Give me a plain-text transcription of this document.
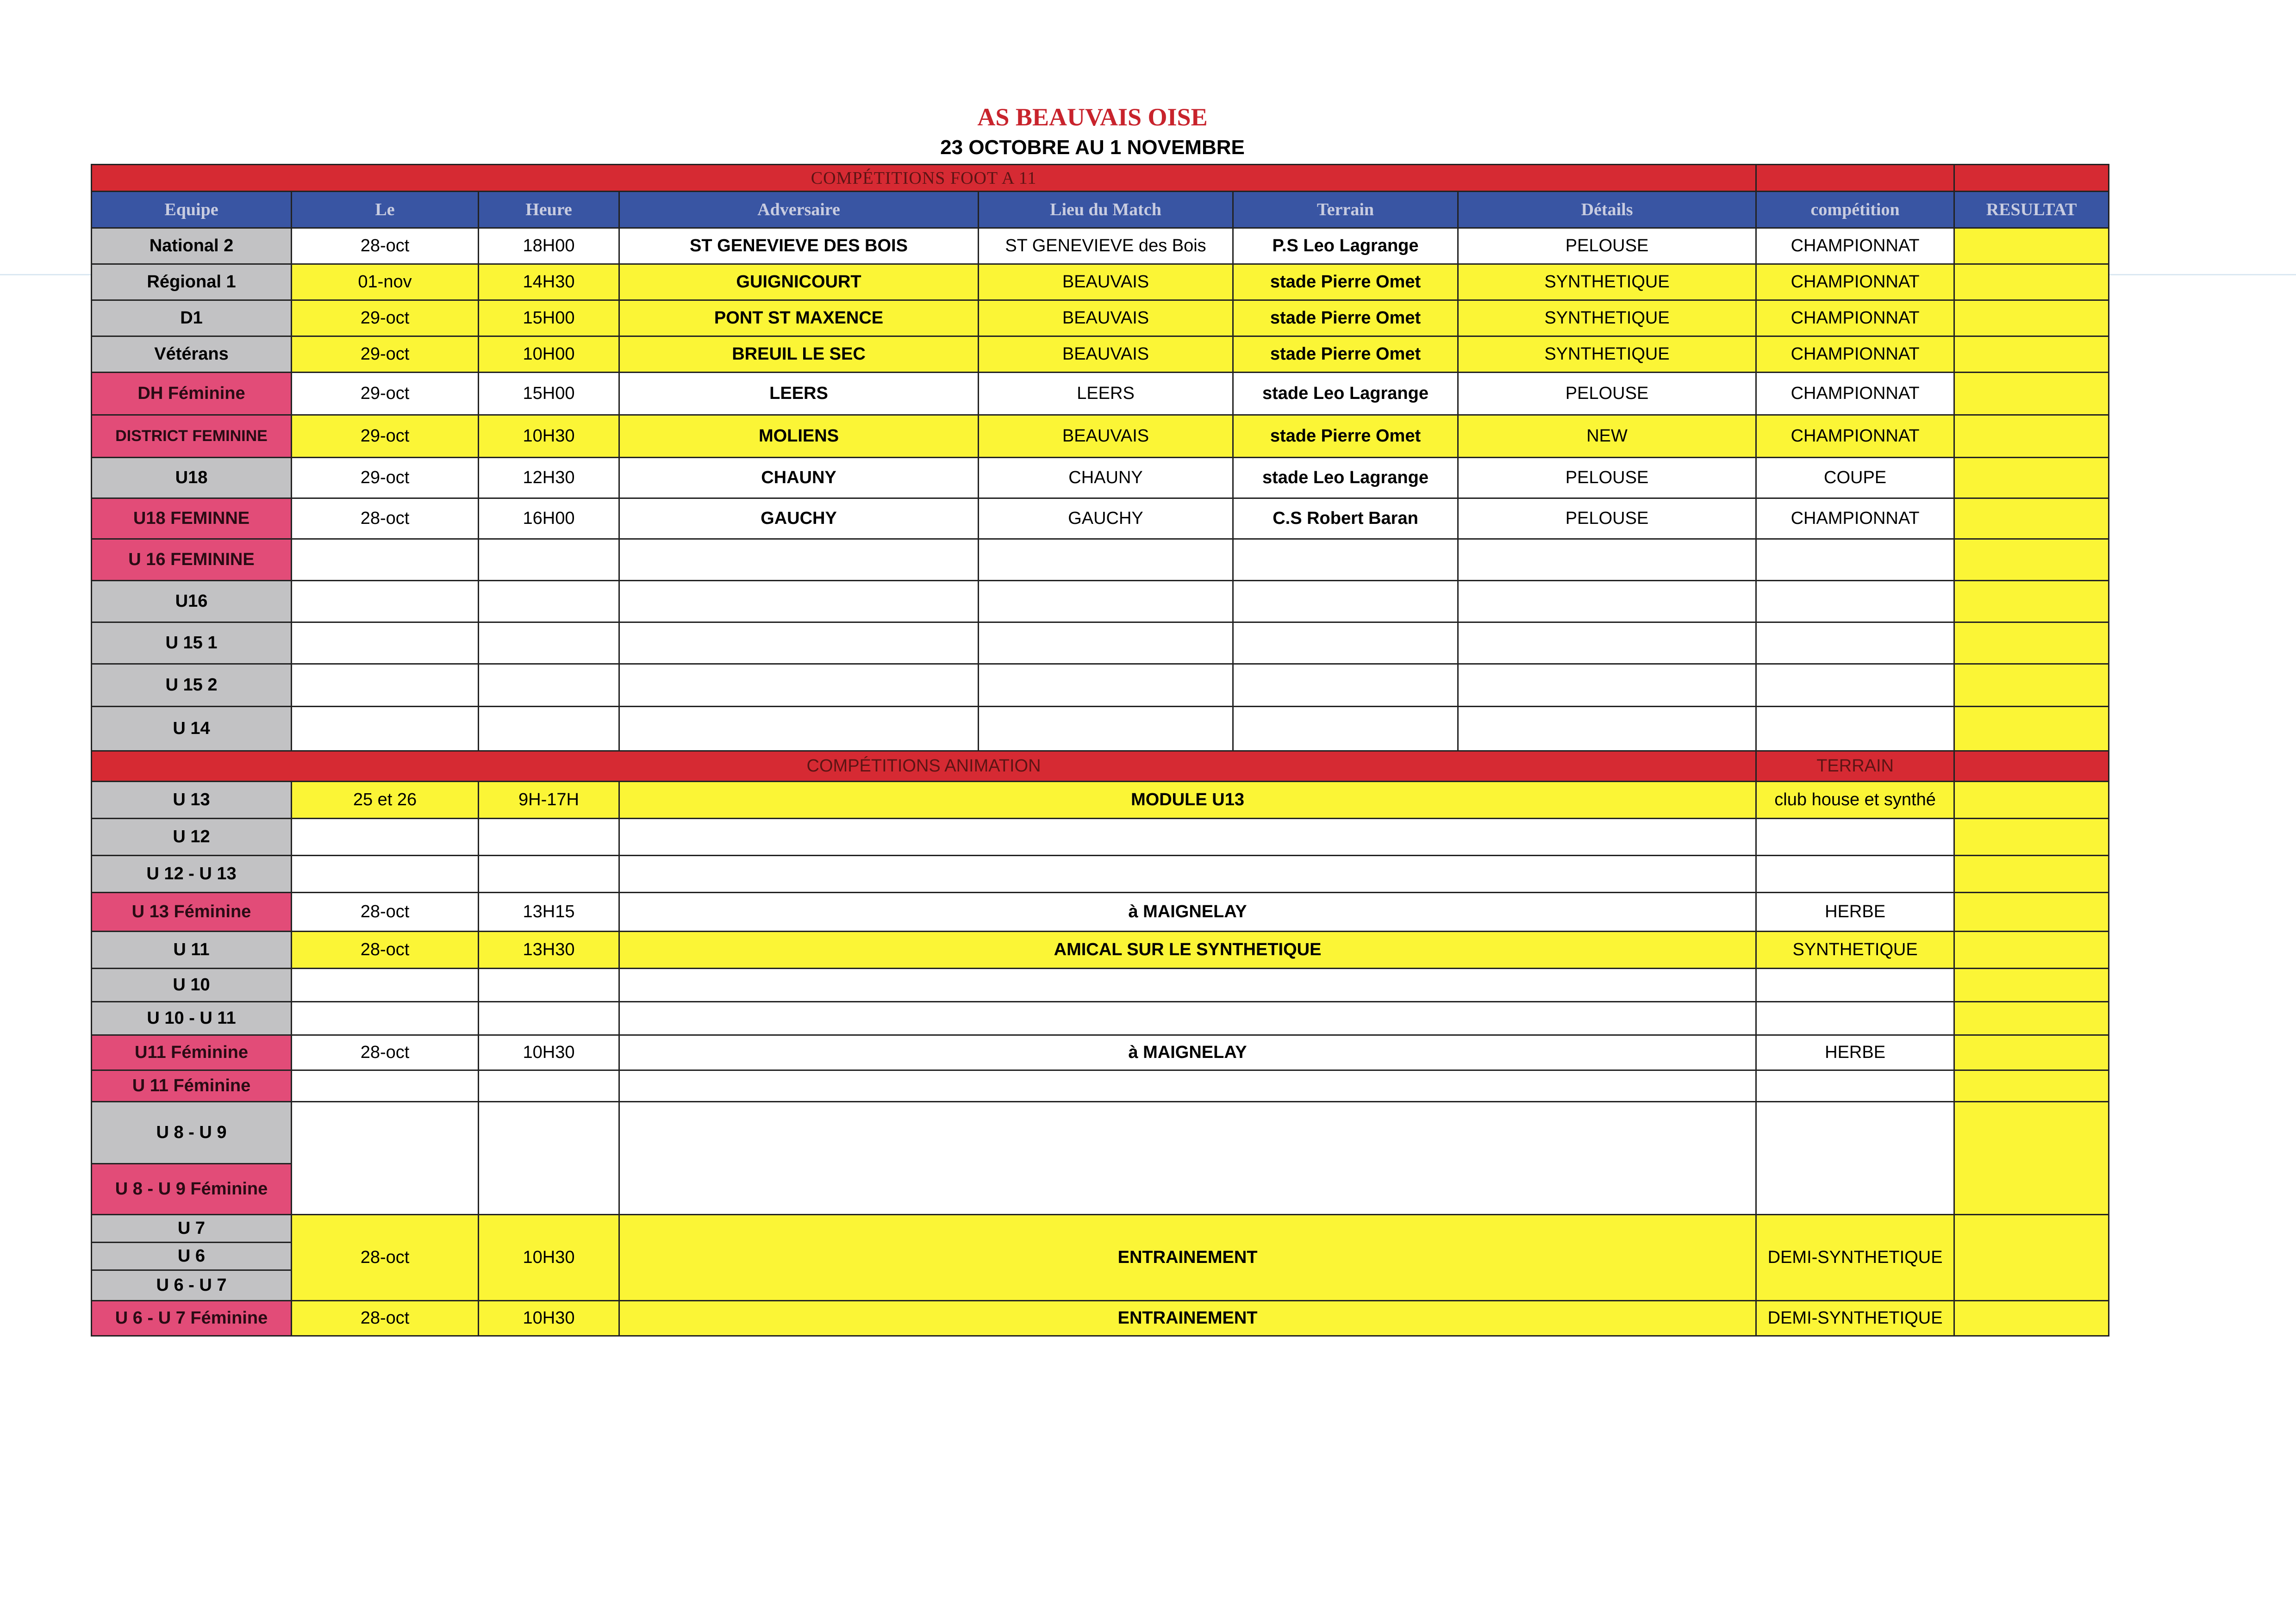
AS BEAUVAIS OISE
23 OCTOBRE AU 1 NOVEMBRE
COMPÉTITIONS FOOT A 11								
Equipe	Le	Heure	Adversaire	Lieu du Match	Terrain	Détails	compétition	RESULTAT
National 2	28-oct	18H00	ST GENEVIEVE DES BOIS	ST GENEVIEVE des Bois	P.S Leo Lagrange	PELOUSE	CHAMPIONNAT	
Régional 1	01-nov	14H30	GUIGNICOURT	BEAUVAIS	stade Pierre Omet	SYNTHETIQUE	CHAMPIONNAT	
D1	29-oct	15H00	PONT ST MAXENCE	BEAUVAIS	stade Pierre Omet	SYNTHETIQUE	CHAMPIONNAT	
Vétérans	29-oct	10H00	BREUIL LE SEC	BEAUVAIS	stade Pierre Omet	SYNTHETIQUE	CHAMPIONNAT	
DH Féminine	29-oct	15H00	LEERS	LEERS	stade Leo Lagrange	PELOUSE	CHAMPIONNAT	
DISTRICT FEMININE	29-oct	10H30	MOLIENS	BEAUVAIS	stade Pierre Omet	NEW	CHAMPIONNAT	
U18	29-oct	12H30	CHAUNY	CHAUNY	stade Leo Lagrange	PELOUSE	COUPE	
U18 FEMINNE	28-oct	16H00	GAUCHY	GAUCHY	C.S Robert Baran	PELOUSE	CHAMPIONNAT	
U 16 FEMININE								
U16								
U 15 1								
U 15 2								
U 14								
COMPÉTITIONS ANIMATION							TERRAIN	
U 13	25 et 26	9H-17H	MODULE U13				club house et synthé	
U 12								
U 12 - U 13								
U 13 Féminine	28-oct	13H15	à MAIGNELAY				HERBE	
U 11	28-oct	13H30	AMICAL SUR LE SYNTHETIQUE				SYNTHETIQUE	
U 10								
U 10 - U 11								
U11 Féminine	28-oct	10H30	à MAIGNELAY				HERBE	
U 11 Féminine								
U 8 - U 9								
U 8 - U 9 Féminine								
U 7	28-oct	10H30	ENTRAINEMENT				DEMI-SYNTHETIQUE	
U 6								
U 6 - U 7								
U 6 - U 7 Féminine	28-oct	10H30	ENTRAINEMENT				DEMI-SYNTHETIQUE	
